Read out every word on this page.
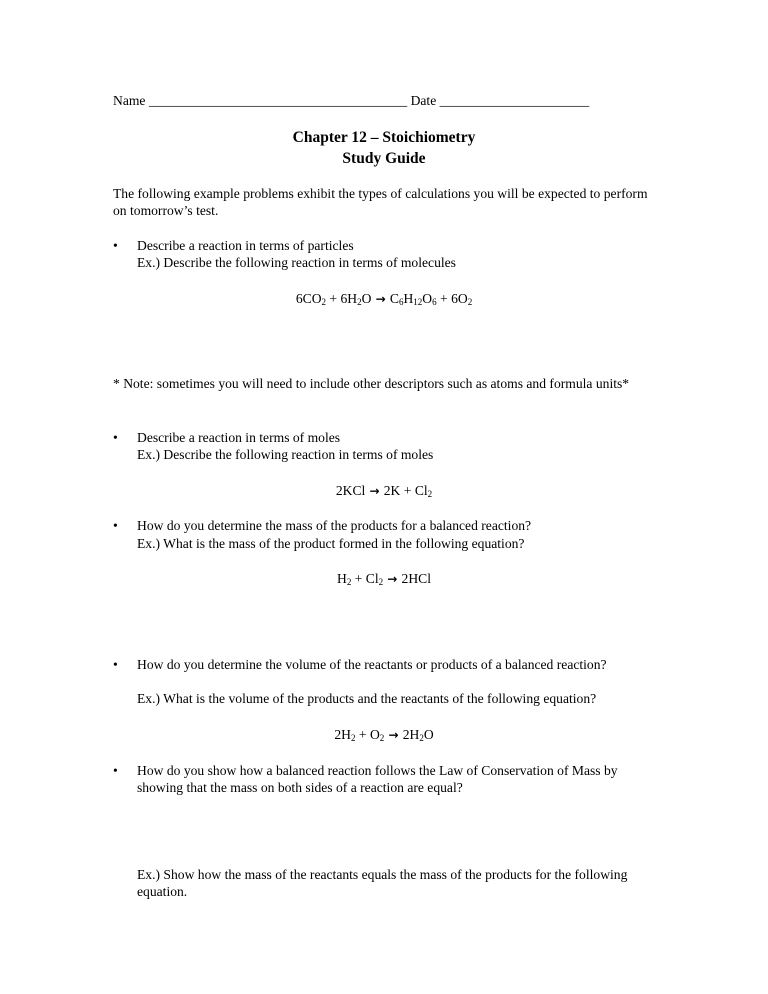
Name ______________________________________ Date ______________________
Chapter 12 – Stoichiometry
Study Guide
The following example problems exhibit the types of calculations you will be expected to perform on tomorrow’s test.
• Describe a reaction in terms of particles
Ex.) Describe the following reaction in terms of molecules
$6CO_2 + 6H_2O \to C_6H_{12}O_6 + 6O_2$
* Note: sometimes you will need to include other descriptors such as atoms and formula units*
• Describe a reaction in terms of moles
Ex.) Describe the following reaction in terms of moles
$2KCl \to 2K + Cl_2$
• How do you determine the mass of the products for a balanced reaction?
Ex.) What is the mass of the product formed in the following equation?
$H_2 + Cl_2 \to 2HCl$
• How do you determine the volume of the reactants or products of a balanced reaction?
Ex.) What is the volume of the products and the reactants of the following equation?
$2H_2 + O_2 \to 2H_2O$
• How do you show how a balanced reaction follows the Law of Conservation of Mass by showing that the mass on both sides of a reaction are equal?
Ex.) Show how the mass of the reactants equals the mass of the products for the following equation.
